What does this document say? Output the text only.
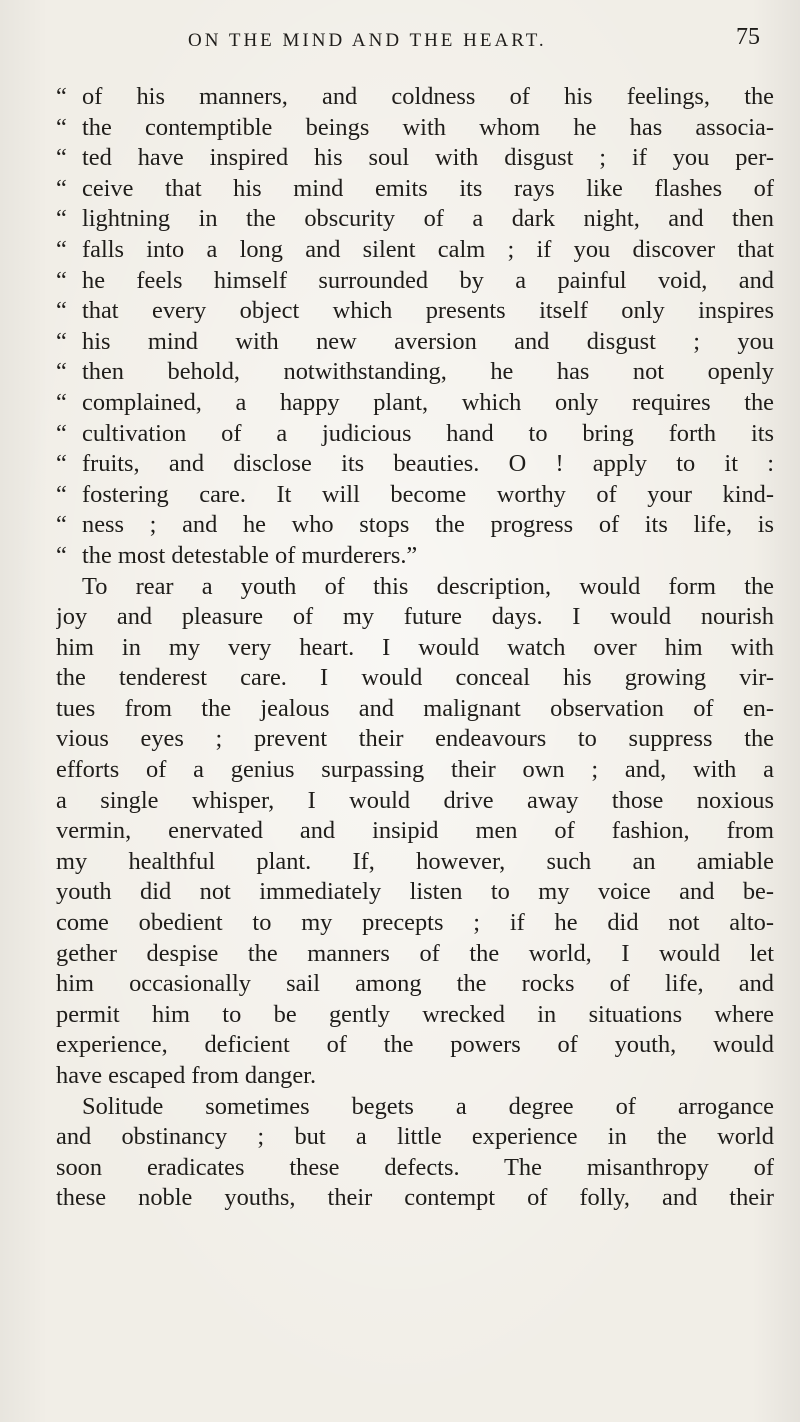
ON THE MIND AND THE HEART.	75
“ of his manners, and coldness of his feelings, the
“ the contemptible beings with whom he has associa-
“ ted have inspired his soul with disgust ; if you per-
“ ceive that his mind emits its rays like flashes of
“ lightning in the obscurity of a dark night, and then
“ falls into a long and silent calm ; if you discover that
“ he feels himself surrounded by a painful void, and
“ that every object which presents itself only inspires
“ his mind with new aversion and disgust ; you
“ then behold, notwithstanding, he has not openly
“ complained, a happy plant, which only requires the
“ cultivation of a judicious hand to bring forth its
“ fruits, and disclose its beauties. O ! apply to it :
“ fostering care. It will become worthy of your kind-
“ ness ; and he who stops the progress of its life, is
“ the most detestable of murderers.”
To rear a youth of this description, would form the
joy and pleasure of my future days. I would nourish
him in my very heart. I would watch over him with
the tenderest care. I would conceal his growing vir-
tues from the jealous and malignant observation of en-
vious eyes ; prevent their endeavours to suppress the
efforts of a genius surpassing their own ; and, with a
a single whisper, I would drive away those noxious
vermin, enervated and insipid men of fashion, from
my healthful plant. If, however, such an amiable
youth did not immediately listen to my voice and be-
come obedient to my precepts ; if he did not alto-
gether despise the manners of the world, I would let
him occasionally sail among the rocks of life, and
permit him to be gently wrecked in situations where
experience, deficient of the powers of youth, would
have escaped from danger.
Solitude sometimes begets a degree of arrogance
and obstinancy ; but a little experience in the world
soon eradicates these defects. The misanthropy of
these noble youths, their contempt of folly, and their
